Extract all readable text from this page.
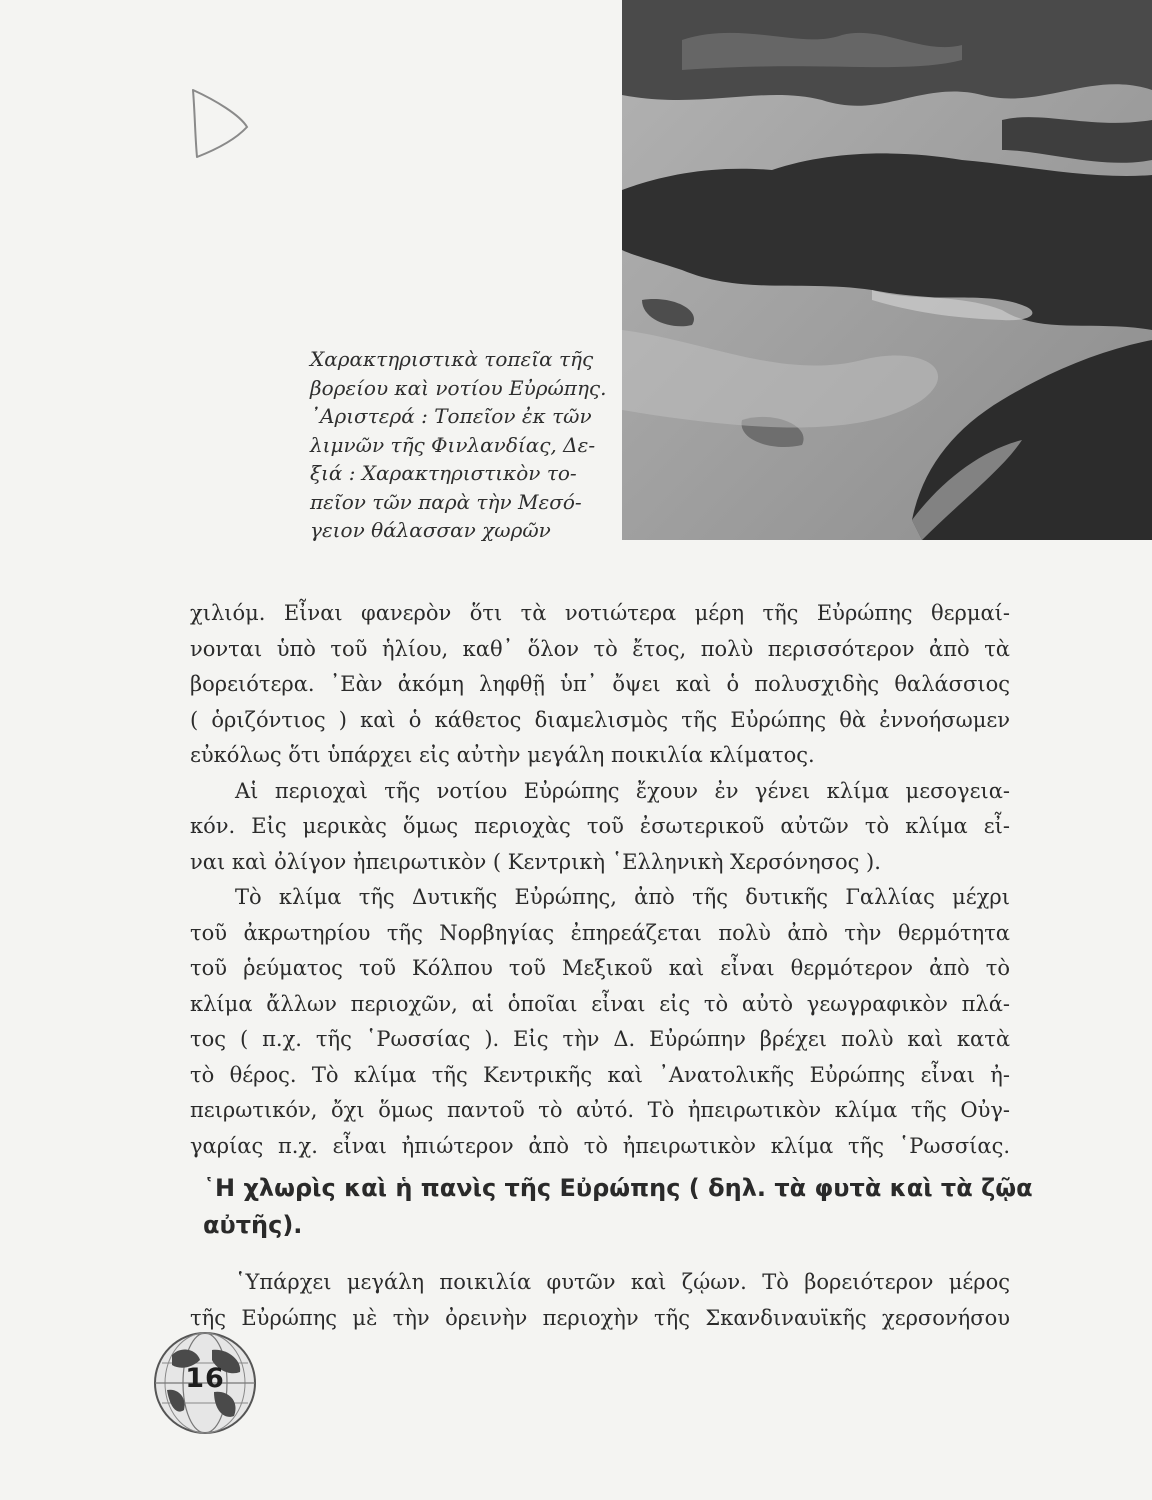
Χαρακτηριστικὰ τοπεῖα τῆς
βορείου καὶ νοτίου Εὐρώπης.
᾿Αριστερά : Τοπεῖον ἐκ τῶν
λιμνῶν τῆς Φινλανδίας, Δε-
ξιά : Χαρακτηριστικὸν το-
πεῖον τῶν παρὰ τὴν Μεσό-
γειον θάλασσαν χωρῶν

χιλιόμ. Εἶναι φανερὸν ὅτι τὰ νοτιώτερα μέρη τῆς Εὐρώπης θερμαί-
νονται ὑπὸ τοῦ ἡλίου, καθ᾿ ὅλον τὸ ἔτος, πολὺ περισσότερον ἀπὸ τὰ
βορειότερα. ᾿Εὰν ἀκόμη ληφθῇ ὑπ᾿ ὄψει καὶ ὁ πολυσχιδὴς θαλάσσιος
( ὁριζόντιος ) καὶ ὁ κάθετος διαμελισμὸς τῆς Εὐρώπης θὰ ἐννοήσωμεν
εὐκόλως ὅτι ὑπάρχει εἰς αὐτὴν μεγάλη ποικιλία κλίματος.
Αἱ περιοχαὶ τῆς νοτίου Εὐρώπης ἔχουν ἐν γένει κλίμα μεσογεια-
κόν. Εἰς μερικὰς ὅμως περιοχὰς τοῦ ἐσωτερικοῦ αὐτῶν τὸ κλίμα εἶ-
ναι καὶ ὀλίγον ἠπειρωτικὸν ( Κεντρικὴ ῾Ελληνικὴ Χερσόνησος ).
Τὸ κλίμα τῆς Δυτικῆς Εὐρώπης, ἀπὸ τῆς δυτικῆς Γαλλίας μέχρι
τοῦ ἀκρωτηρίου τῆς Νορβηγίας ἐπηρεάζεται πολὺ ἀπὸ τὴν θερμότητα
τοῦ ῥεύματος τοῦ Κόλπου τοῦ Μεξικοῦ καὶ εἶναι θερμότερον ἀπὸ τὸ
κλίμα ἄλλων περιοχῶν, αἱ ὁποῖαι εἶναι εἰς τὸ αὐτὸ γεωγραφικὸν πλά-
τος ( π.χ. τῆς ῾Ρωσσίας ). Εἰς τὴν Δ. Εὐρώπην βρέχει πολὺ καὶ κατὰ
τὸ θέρος. Τὸ κλίμα τῆς Κεντρικῆς καὶ ᾿Ανατολικῆς Εὐρώπης εἶναι ἠ-
πειρωτικόν, ὄχι ὅμως παντοῦ τὸ αὐτό. Τὸ ἠπειρωτικὸν κλίμα τῆς Οὐγ-
γαρίας π.χ. εἶναι ἠπιώτερον ἀπὸ τὸ ἠπειρωτικὸν κλίμα τῆς ῾Ρωσσίας.
῾Η χλωρὶς καὶ ἡ πανὶς τῆς Εὐρώπης ( δηλ. τὰ φυτὰ καὶ τὰ ζῷα
αὐτῆς).
῾Υπάρχει μεγάλη ποικιλία φυτῶν καὶ ζῴων. Τὸ βορειότερον μέρος
τῆς Εὐρώπης μὲ τὴν ὀρεινὴν περιοχὴν τῆς Σκανδιναυϊκῆς χερσονήσου
16
